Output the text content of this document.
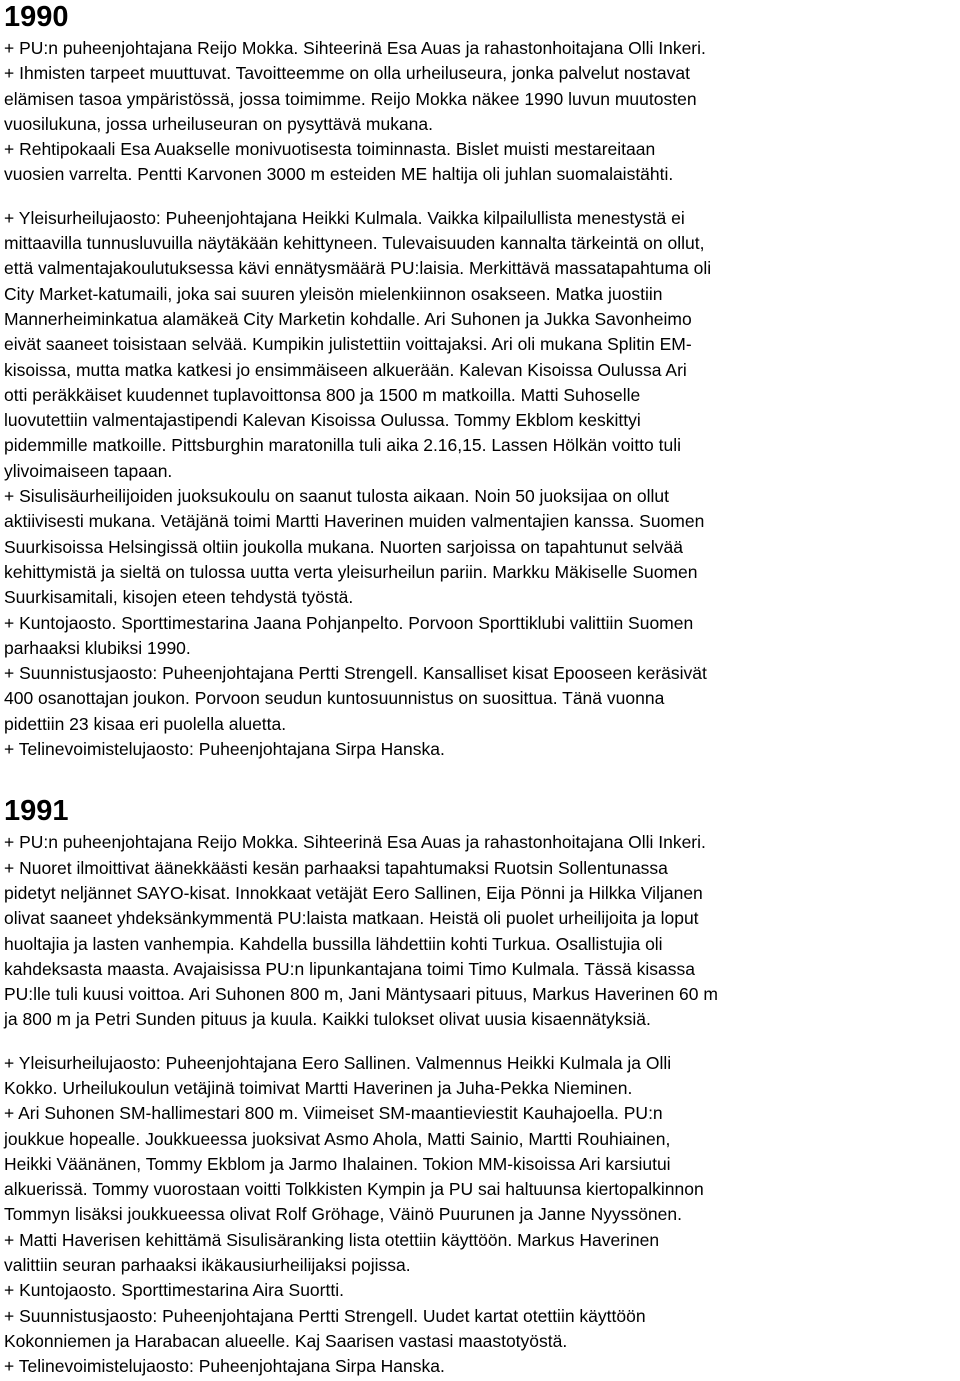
1990
+ PU:n puheenjohtajana Reijo Mokka. Sihteerinä Esa Auas ja rahastonhoitajana Olli Inkeri.
+ Ihmisten tarpeet muuttuvat. Tavoitteemme on olla urheiluseura, jonka palvelut nostavat
elämisen tasoa ympäristössä, jossa toimimme. Reijo Mokka näkee 1990 luvun muutosten
vuosilukuna, jossa urheiluseuran on pysyttävä mukana.
+ Rehtipokaali Esa Auakselle monivuotisesta toiminnasta. Bislet muisti mestareitaan
vuosien varrelta. Pentti Karvonen 3000 m esteiden ME haltija oli juhlan suomalaistähti.
+ Yleisurheilujaosto: Puheenjohtajana Heikki Kulmala. Vaikka kilpailullista menestystä ei
mittaavilla tunnusluvuilla näytäkään kehittyneen. Tulevaisuuden kannalta tärkeintä on ollut,
että valmentajakoulutuksessa kävi ennätysmäärä PU:laisia. Merkittävä massatapahtuma oli
City Market-katumaili, joka sai suuren yleisön mielenkiinnon osakseen. Matka juostiin
Mannerheiminkatua alamäkeä City Marketin kohdalle. Ari Suhonen ja Jukka Savonheimo
eivät saaneet toisistaan selvää. Kumpikin julistettiin voittajaksi. Ari oli mukana Splitin EM-
kisoissa, mutta matka katkesi jo ensimmäiseen alkuerään. Kalevan Kisoissa Oulussa Ari
otti peräkkäiset kuudennet tuplavoittonsa 800 ja 1500 m matkoilla. Matti Suhoselle
luovutettiin valmentajastipendi Kalevan Kisoissa Oulussa. Tommy Ekblom keskittyi
pidemmille matkoille. Pittsburghin maratonilla tuli aika 2.16,15. Lassen Hölkän voitto tuli
ylivoimaiseen tapaan.
+ Sisulisäurheilijoiden juoksukoulu on saanut tulosta aikaan. Noin 50 juoksijaa on ollut
aktiivisesti mukana. Vetäjänä toimi Martti Haverinen muiden valmentajien kanssa. Suomen
Suurkisoissa Helsingissä oltiin joukolla mukana. Nuorten sarjoissa on tapahtunut selvää
kehittymistä ja sieltä on tulossa uutta verta yleisurheilun pariin. Markku Mäkiselle Suomen
Suurkisamitali, kisojen eteen tehdystä työstä.
+ Kuntojaosto. Sporttimestarina Jaana Pohjanpelto. Porvoon Sporttiklubi valittiin Suomen
parhaaksi klubiksi 1990.
+ Suunnistusjaosto: Puheenjohtajana Pertti Strengell. Kansalliset kisat Epooseen keräsivät
400 osanottajan joukon. Porvoon seudun kuntosuunnistus on suosittua. Tänä vuonna
pidettiin 23 kisaa eri puolella aluetta.
+ Telinevoimistelujaosto: Puheenjohtajana Sirpa Hanska.
1991
+ PU:n puheenjohtajana Reijo Mokka. Sihteerinä Esa Auas ja rahastonhoitajana Olli Inkeri.
+ Nuoret ilmoittivat äänekkäästi kesän parhaaksi tapahtumaksi Ruotsin Sollentunassa
pidetyt neljännet SAYO-kisat. Innokkaat vetäjät Eero Sallinen, Eija Pönni ja Hilkka Viljanen
olivat saaneet yhdeksänkymmentä PU:laista matkaan. Heistä oli puolet urheilijoita ja loput
huoltajia ja lasten vanhempia. Kahdella bussilla lähdettiin kohti Turkua. Osallistujia oli
kahdeksasta maasta. Avajaisissa PU:n lipunkantajana toimi Timo Kulmala. Tässä kisassa
PU:lle tuli kuusi voittoa. Ari Suhonen 800 m, Jani Mäntysaari pituus, Markus Haverinen 60 m
ja 800 m ja Petri Sunden pituus ja kuula. Kaikki tulokset olivat uusia kisaennätyksiä.
+ Yleisurheilujaosto: Puheenjohtajana Eero Sallinen. Valmennus Heikki Kulmala ja Olli
Kokko. Urheilukoulun vetäjinä toimivat Martti Haverinen ja Juha-Pekka Nieminen.
+ Ari Suhonen SM-hallimestari 800 m. Viimeiset SM-maantieviestit Kauhajoella. PU:n
joukkue hopealle. Joukkueessa juoksivat Asmo Ahola, Matti Sainio, Martti Rouhiainen,
Heikki Väänänen, Tommy Ekblom ja Jarmo Ihalainen. Tokion MM-kisoissa Ari karsiutui
alkuerissä. Tommy vuorostaan voitti Tolkkisten Kympin ja PU sai haltuunsa kiertopalkinnon
Tommyn lisäksi joukkueessa olivat Rolf Gröhage, Väinö Puurunen ja Janne Nyyssönen.
+ Matti Haverisen kehittämä Sisulisäranking lista otettiin käyttöön. Markus Haverinen
valittiin seuran parhaaksi ikäkausiurheilijaksi pojissa.
+ Kuntojaosto. Sporttimestarina Aira Suortti.
+ Suunnistusjaosto: Puheenjohtajana Pertti Strengell. Uudet kartat otettiin käyttöön
Kokonniemen ja Harabacan alueelle. Kaj Saarisen vastasi maastotyöstä.
+ Telinevoimistelujaosto: Puheenjohtajana Sirpa Hanska.
